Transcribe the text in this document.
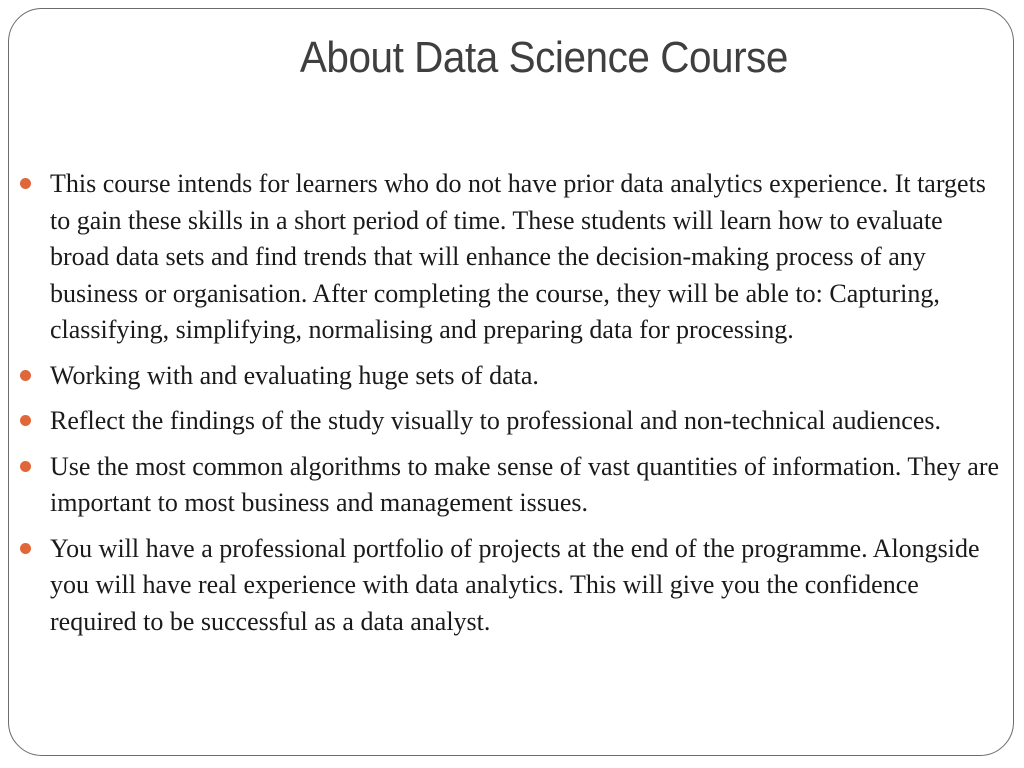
About Data Science Course
This course intends for learners who do not have prior data analytics experience. It targets to gain these skills in a short period of time. These students will learn how to evaluate broad data sets and find trends that will enhance the decision-making process of any business or organisation. After completing the course, they will be able to: Capturing, classifying, simplifying, normalising and preparing data for processing.
Working with and evaluating huge sets of data.
Reflect the findings of the study visually to professional and non-technical audiences.
Use the most common algorithms to make sense of vast quantities of information. They are important to most business and management issues.
You will have a professional portfolio of projects at the end of the programme. Alongside you will have real experience with data analytics. This will give you the confidence required to be successful as a data analyst.
